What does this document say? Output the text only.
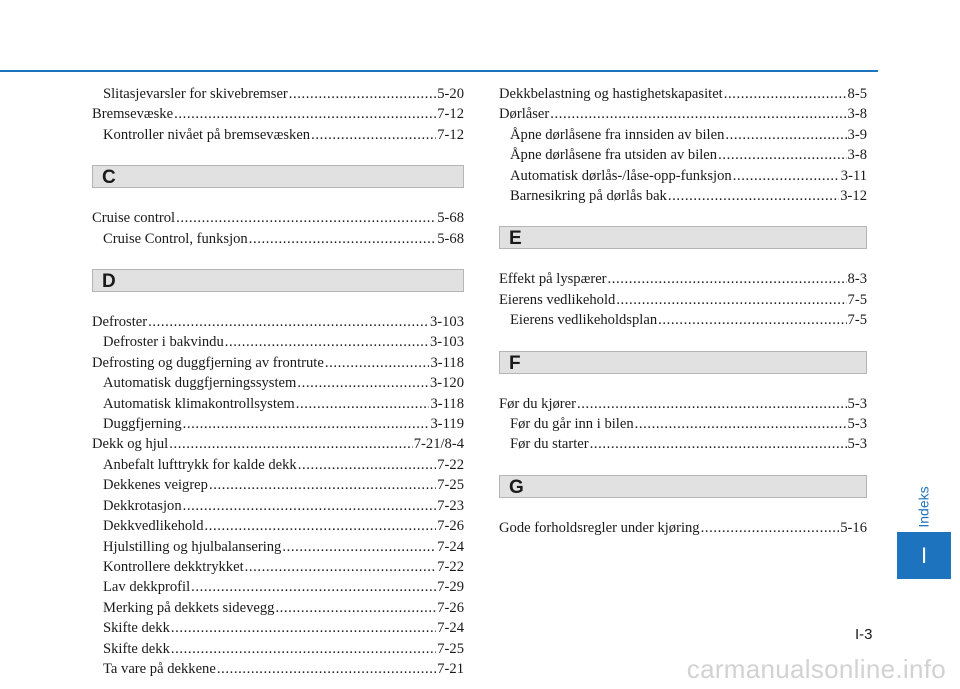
Slitasjevarsler for skivebremser .....	5-20
Bremsevæske .....	7-12
Kontroller nivået på bremsevæsken .....	7-12
C
Cruise control .....	5-68
Cruise Control, funksjon .....	5-68
D
Defroster .....	3-103
Defroster i bakvindu .....	3-103
Defrosting og duggfjerning av frontrute .....	3-118
Automatisk duggfjerningssystem .....	3-120
Automatisk klimakontrollsystem .....	3-118
Duggfjerning .....	3-119
Dekk og hjul .....	7-21/8-4
Anbefalt lufttrykk for kalde dekk .....	7-22
Dekkenes veigrep .....	7-25
Dekkrotasjon .....	7-23
Dekkvedlikehold .....	7-26
Hjulstilling og hjulbalansering .....	7-24
Kontrollere dekktrykket .....	7-22
Lav dekkprofil .....	7-29
Merking på dekkets sidevegg .....	7-26
Skifte dekk .....	7-24
Skifte dekk .....	7-25
Ta vare på dekkene .....	7-21
Dekkbelastning og hastighetskapasitet .....	8-5
Dørlåser .....	3-8
Åpne dørlåsene fra innsiden av bilen .....	3-9
Åpne dørlåsene fra utsiden av bilen .....	3-8
Automatisk dørlås-/låse-opp-funksjon .....	3-11
Barnesikring på dørlås bak .....	3-12
E
Effekt på lyspærer .....	8-3
Eierens vedlikehold .....	7-5
Eierens vedlikeholdsplan .....	7-5
F
Før du kjører .....	5-3
Før du går inn i bilen .....	5-3
Før du starter .....	5-3
G
Gode forholdsregler under kjøring .....	5-16
Indeks
I
I-3
carmanualsonline.info
